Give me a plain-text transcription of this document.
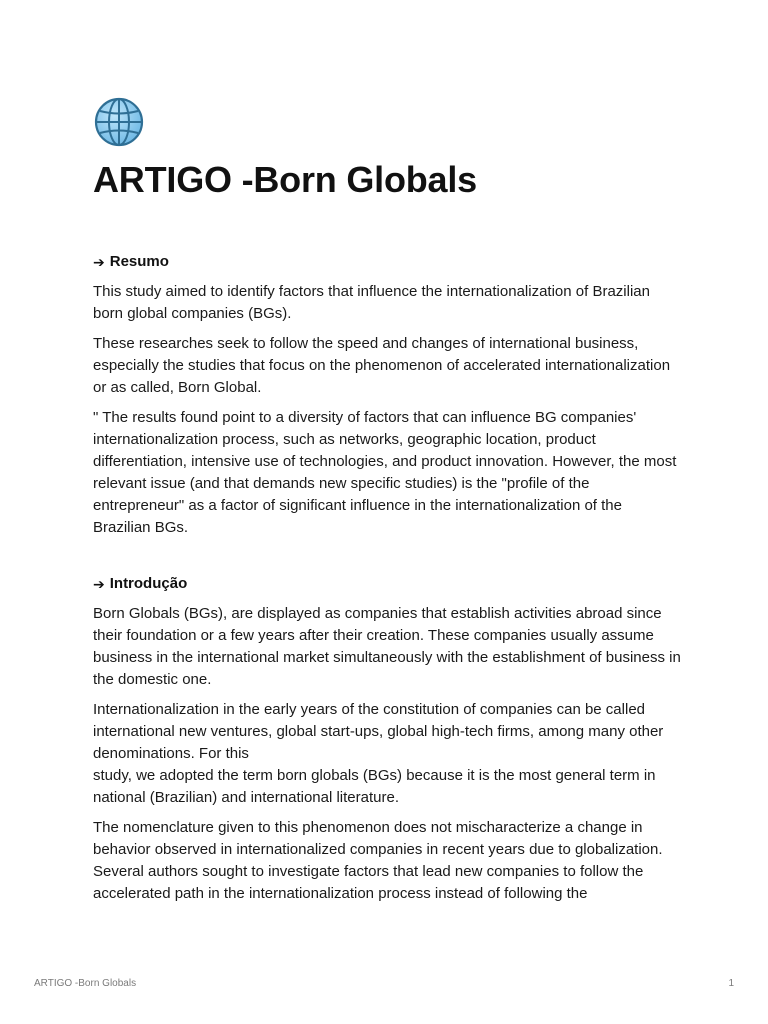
ARTIGO -Born Globals
➔ Resumo

This study aimed to identify factors that influence the internationalization of Brazilian born global companies (BGs).

These researches seek to follow the speed and changes of international business, especially the studies that focus on the phenomenon of accelerated internationalization or as called, Born Global.

" The results found point to a diversity of factors that can influence BG companies' internationalization process, such as networks, geographic location, product differentiation, intensive use of technologies, and product innovation. However, the most relevant issue (and that demands new specific studies) is the "profile of the entrepreneur" as a factor of significant influence in the internationalization of the Brazilian BGs.

➔ Introdução

Born Globals (BGs), are displayed as companies that establish activities abroad since their foundation or a few years after their creation. These companies usually assume business in the international market simultaneously with the establishment of business in the domestic one.

Internationalization in the early years of the constitution of companies can be called international new ventures, global start-ups, global high-tech firms, among many other denominations. For this

study, we adopted the term born globals (BGs) because it is the most general term in national (Brazilian) and international literature.

The nomenclature given to this phenomenon does not mischaracterize a change in behavior observed in internationalized companies in recent years due to globalization.

Several authors sought to investigate factors that lead new companies to follow the accelerated path in the internationalization process instead of following the

ARTIGO -Born Globals	1
